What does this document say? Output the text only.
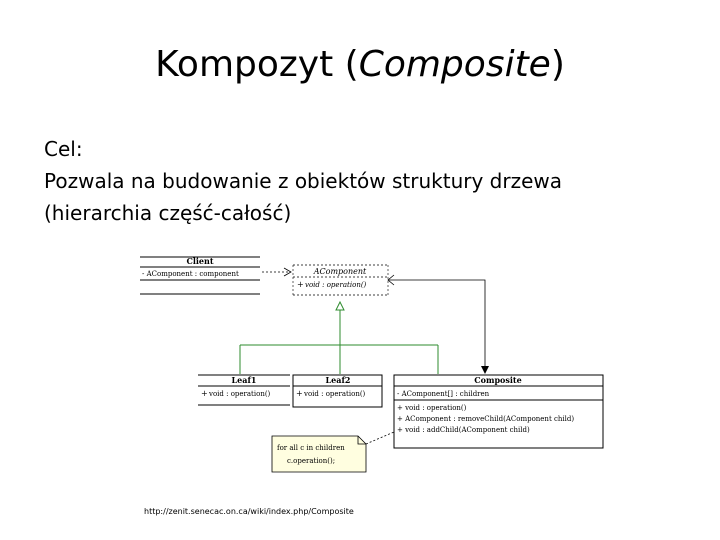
Kompozyt (Composite)
Cel:
Pozwala na budowanie z obiektów struktury drzewa
(hierarchia część-całość)
Client
- AComponent : component	AComponent
+ void : operation()
Leaf1
+ void : operation()
Leaf2
+ void : operation()
Composite
- AComponent[] : children
+ void : operation()
+ AComponent : removeChild(AComponent child)
+ void : addChild(AComponent child)
for all c in children
c.operation();
http://zenit.senecac.on.ca/wiki/index.php/Composite
